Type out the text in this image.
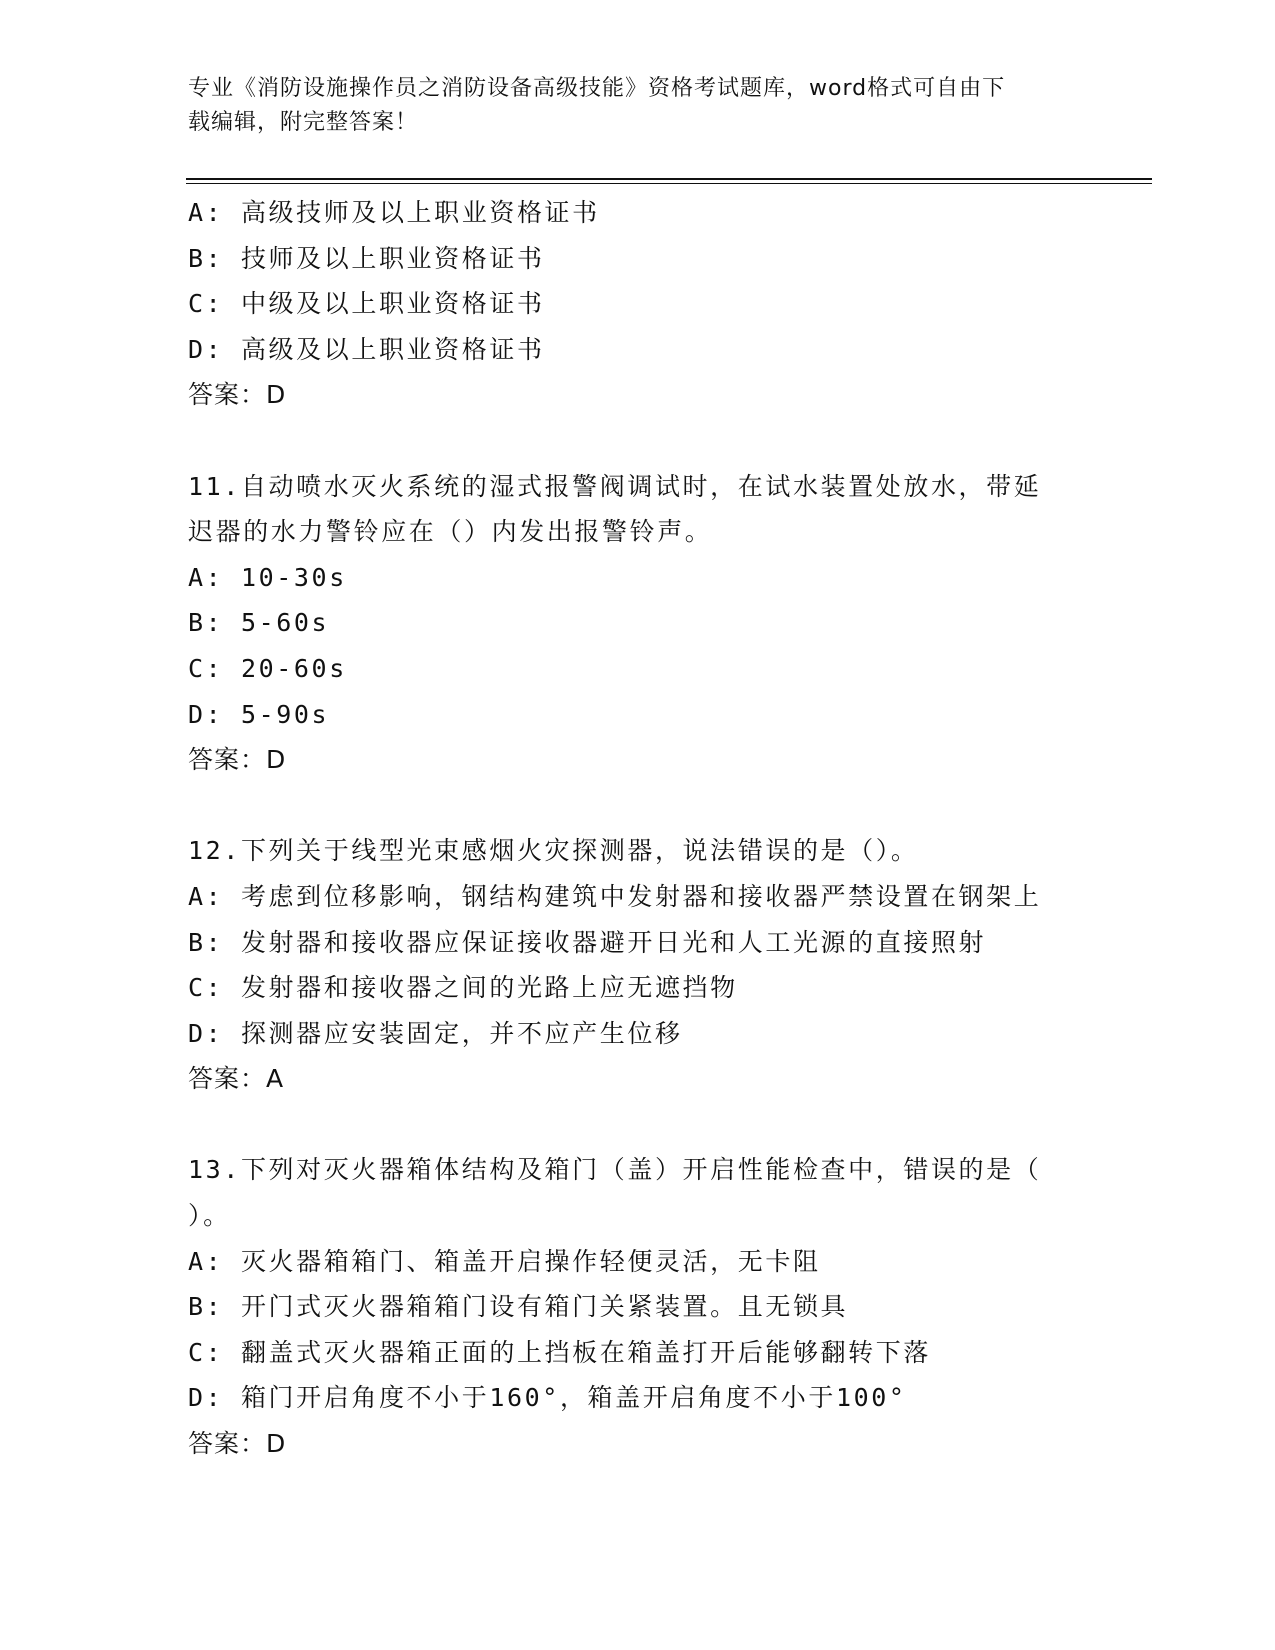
专业《消防设施操作员之消防设备高级技能》资格考试题库，word格式可自由下
载编辑，附完整答案！
A: 高级技师及以上职业资格证书
B: 技师及以上职业资格证书
C: 中级及以上职业资格证书
D: 高级及以上职业资格证书
答案：D
11.自动喷水灭火系统的湿式报警阀调试时，在试水装置处放水，带延
迟器的水力警铃应在（）内发出报警铃声。
A: 10-30s
B: 5-60s
C: 20-60s
D: 5-90s
答案：D
12.下列关于线型光束感烟火灾探测器，说法错误的是（）。
A: 考虑到位移影响，钢结构建筑中发射器和接收器严禁设置在钢架上
B: 发射器和接收器应保证接收器避开日光和人工光源的直接照射
C: 发射器和接收器之间的光路上应无遮挡物
D: 探测器应安装固定，并不应产生位移
答案：A
13.下列对灭火器箱体结构及箱门（盖）开启性能检查中，错误的是（
）。
A: 灭火器箱箱门、箱盖开启操作轻便灵活，无卡阻
B: 开门式灭火器箱箱门设有箱门关紧装置。且无锁具
C: 翻盖式灭火器箱正面的上挡板在箱盖打开后能够翻转下落
D: 箱门开启角度不小于160°，箱盖开启角度不小于100°
答案：D
